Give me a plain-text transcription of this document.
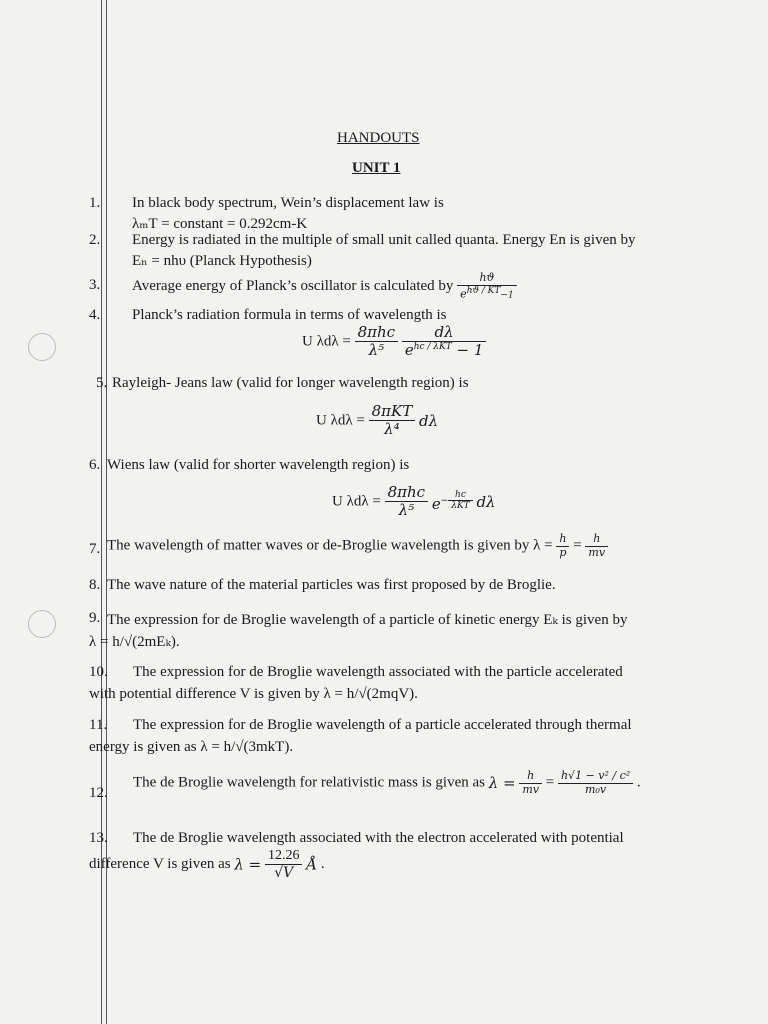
HANDOUTS
UNIT 1
1. In black body spectrum, Wein’s displacement law is
λₘT = constant = 0.292cm-K
2. Energy is radiated in the multiple of small unit called quanta. Energy En is given by
Eₙ = nhυ (Planck Hypothesis)
3. Average energy of Planck’s oscillator is calculated by $\frac{hϑ}{e^{hϑ / KT}-1}$
4. Planck’s radiation formula in terms of wavelength is
U $\lambda d\lambda = \frac{\text{8πhc}}{\text{λ⁵}}$
$\frac{d\lambda}{e^{hc / \lambda KT} - 1}$
5. Rayleigh- Jeans law (valid for longer wavelength region) is
U $\lambda d\lambda = \frac{\text{8πKT}}{\text{λ⁴}}$ dλ
6. Wiens law (valid for shorter wavelength region) is
U $\lambda d\lambda = \frac{\text{8πhc}}{\text{λ⁵}} e^{- \frac{hc}{\text{λKT}}}$ dλ
7. The wavelength of matter waves or de-Broglie wavelength is given by $\lambda = \frac{h}{p} = \frac{h}{mv}$
8. The wave nature of the material particles was first proposed by de Broglie.
9. The expression for de Broglie wavelength of a particle of kinetic energy Eₖ is given by
λ = h/√(2mEₖ).
10. The expression for de Broglie wavelength associated with the particle accelerated
with potential difference V is given by λ = h/√(2mqV).
11. The expression for de Broglie wavelength of a particle accelerated through thermal
energy is given as λ = h/√(3mkT).
12.
The de Broglie wavelength for relativistic mass is given as $\lambda = \frac{h}{mv} = \frac{\text{h√1 − v² / c²}}{\text{m₀v}}$ .
13. The de Broglie wavelength associated with the electron accelerated with potential
difference V is given as $\lambda = \frac{12.26}{√V}$ Å .
